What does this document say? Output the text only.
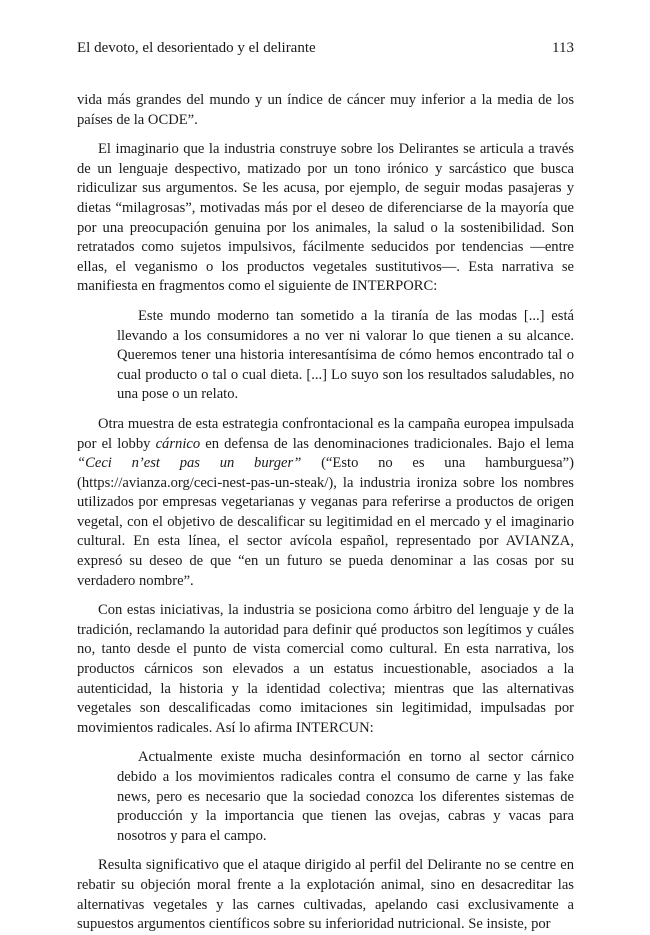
El devoto, el desorientado y el delirante	113

vida más grandes del mundo y un índice de cáncer muy inferior a la media de los países de la OCDE”.

El imaginario que la industria construye sobre los Delirantes se articula a través de un lenguaje despectivo, matizado por un tono irónico y sarcástico que busca ridiculizar sus argumentos. Se les acusa, por ejemplo, de seguir modas pasajeras y dietas “milagrosas”, motivadas más por el deseo de diferenciarse de la mayoría que por una preocupación genuina por los animales, la salud o la sostenibilidad. Son retratados como sujetos impulsivos, fácilmente seducidos por tendencias —entre ellas, el veganismo o los productos vegetales sustitutivos—. Esta narrativa se manifiesta en fragmentos como el siguiente de INTERPORC:

Este mundo moderno tan sometido a la tiranía de las modas [...] está llevando a los consumidores a no ver ni valorar lo que tienen a su alcance. Queremos tener una historia interesantísima de cómo hemos encontrado tal o cual producto o tal o cual dieta. [...] Lo suyo son los resultados saludables, no una pose o un relato.

Otra muestra de esta estrategia confrontacional es la campaña europea impulsada por el lobby cárnico en defensa de las denominaciones tradicionales. Bajo el lema “Ceci n’est pas un burger” (“Esto no es una hamburguesa”) (https://avianza.org/ceci-nest-pas-un-steak/), la industria ironiza sobre los nombres utilizados por empresas vegetarianas y veganas para referirse a productos de origen vegetal, con el objetivo de descalificar su legitimidad en el mercado y el imaginario cultural. En esta línea, el sector avícola español, representado por AVIANZA, expresó su deseo de que “en un futuro se pueda denominar a las cosas por su verdadero nombre”.

Con estas iniciativas, la industria se posiciona como árbitro del lenguaje y de la tradición, reclamando la autoridad para definir qué productos son legítimos y cuáles no, tanto desde el punto de vista comercial como cultural. En esta narrativa, los productos cárnicos son elevados a un estatus incuestionable, asociados a la autenticidad, la historia y la identidad colectiva; mientras que las alternativas vegetales son descalificadas como imitaciones sin legitimidad, impulsadas por movimientos radicales. Así lo afirma INTERCUN:

Actualmente existe mucha desinformación en torno al sector cárnico debido a los movimientos radicales contra el consumo de carne y las fake news, pero es necesario que la sociedad conozca los diferentes sistemas de producción y la importancia que tienen las ovejas, cabras y vacas para nosotros y para el campo.

Resulta significativo que el ataque dirigido al perfil del Delirante no se centre en rebatir su objeción moral frente a la explotación animal, sino en desacreditar las alternativas vegetales y las carnes cultivadas, apelando casi exclusivamente a supuestos argumentos científicos sobre su inferioridad nutricional. Se insiste, por
